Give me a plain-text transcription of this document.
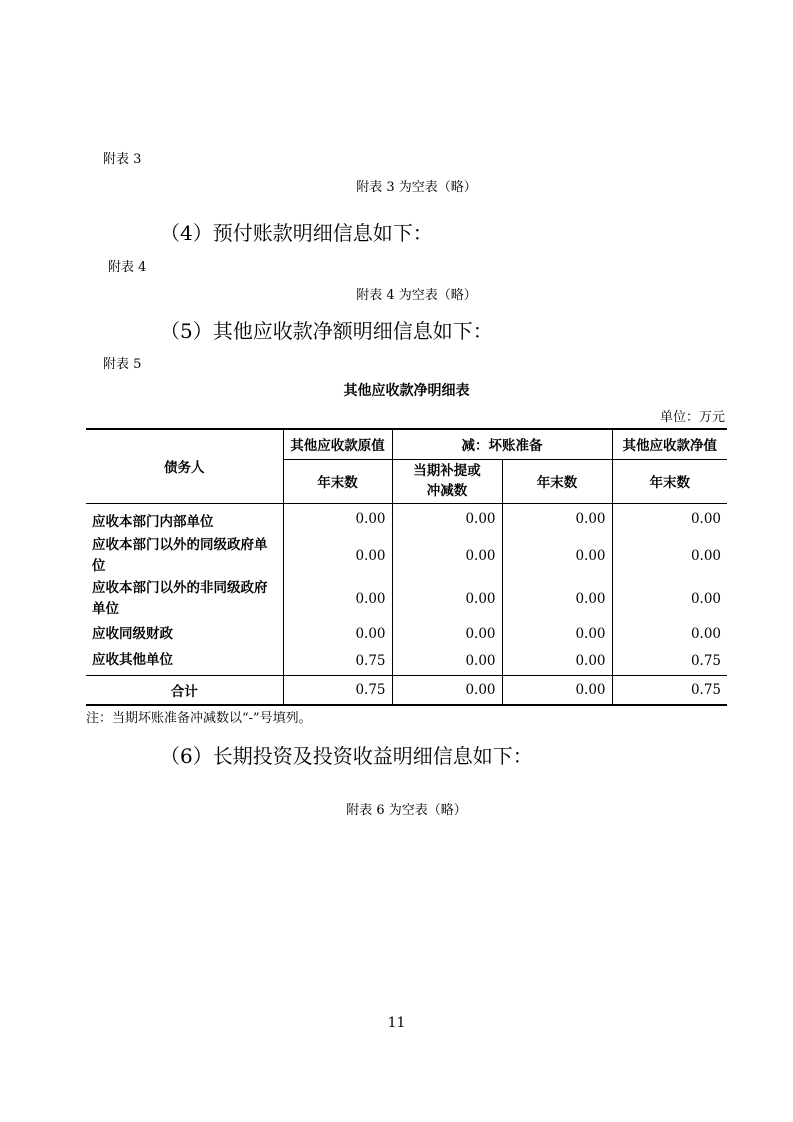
附表 3
附表 3 为空表（略）
（4）预付账款明细信息如下：
附表 4
附表 4 为空表（略）
（5）其他应收款净额明细信息如下：
附表 5
其他应收款净明细表
单位：万元
债务人	其他应收款原值	减：坏账准备		其他应收款净值
	年末数	当期补提或冲减数	年末数	年末数
应收本部门内部单位	0.00	0.00	0.00	0.00
应收本部门以外的同级政府单位	0.00	0.00	0.00	0.00
应收本部门以外的非同级政府单位	0.00	0.00	0.00	0.00
应收同级财政	0.00	0.00	0.00	0.00
应收其他单位	0.75	0.00	0.00	0.75
合计	0.75	0.00	0.00	0.75
注：当期坏账准备冲减数以“-”号填列。
（6）长期投资及投资收益明细信息如下：
附表 6 为空表（略）
11
